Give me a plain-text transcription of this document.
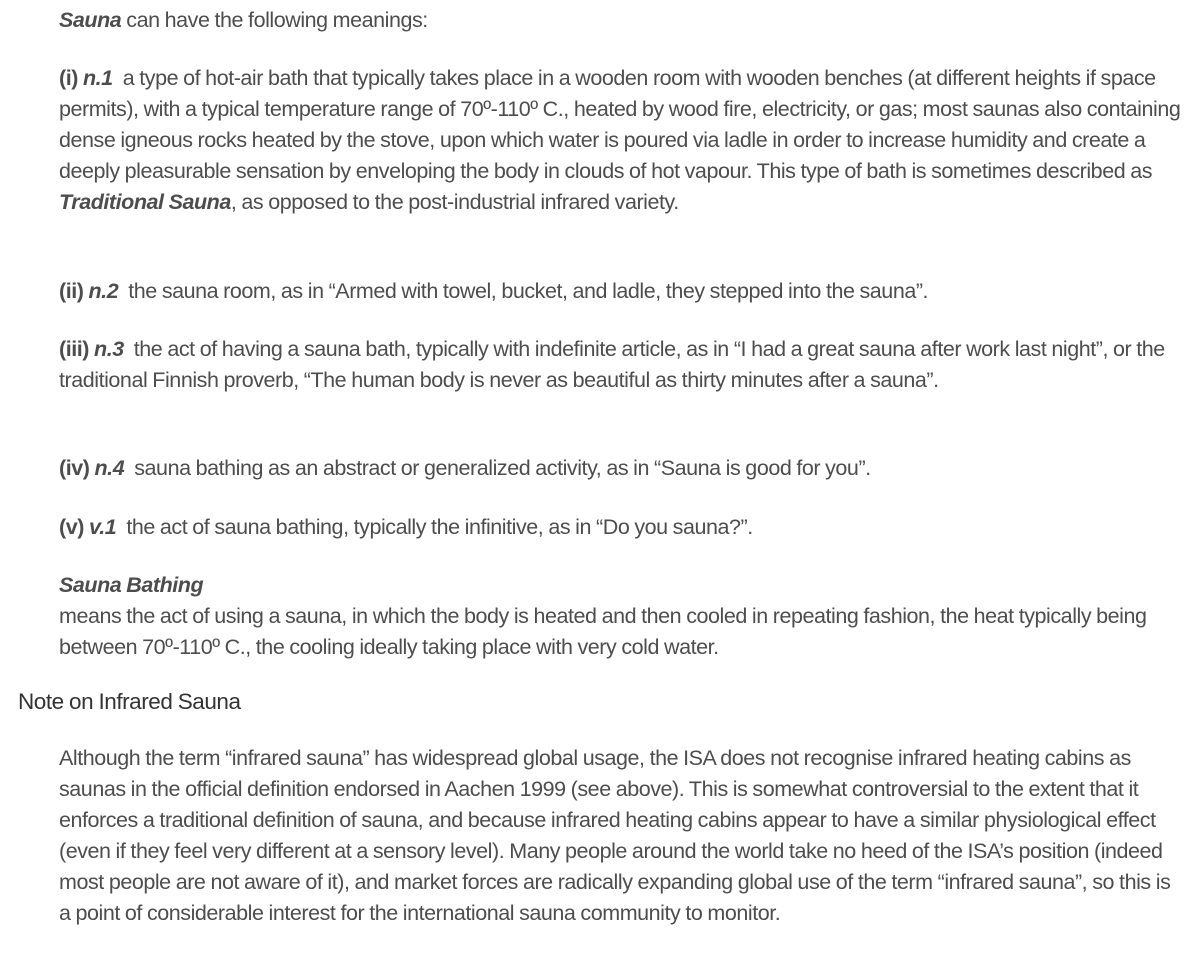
Sauna can have the following meanings:

(i) n.1 a type of hot-air bath that typically takes place in a wooden room with wooden benches (at different heights if space permits), with a typical temperature range of 70º-110º C., heated by wood fire, electricity, or gas; most saunas also containing dense igneous rocks heated by the stove, upon which water is poured via ladle in order to increase humidity and create a deeply pleasurable sensation by enveloping the body in clouds of hot vapour. This type of bath is sometimes described as Traditional Sauna, as opposed to the post-industrial infrared variety.

(ii) n.2 the sauna room, as in “Armed with towel, bucket, and ladle, they stepped into the sauna”.

(iii) n.3 the act of having a sauna bath, typically with indefinite article, as in “I had a great sauna after work last night”, or the traditional Finnish proverb, “The human body is never as beautiful as thirty minutes after a sauna”.

(iv) n.4 sauna bathing as an abstract or generalized activity, as in “Sauna is good for you”.

(v) v.1 the act of sauna bathing, typically the infinitive, as in “Do you sauna?”.

Sauna Bathing
means the act of using a sauna, in which the body is heated and then cooled in repeating fashion, the heat typically being between 70º-110º C., the cooling ideally taking place with very cold water.

Note on Infrared Sauna

Although the term “infrared sauna” has widespread global usage, the ISA does not recognise infrared heating cabins as saunas in the official definition endorsed in Aachen 1999 (see above). This is somewhat controversial to the extent that it enforces a traditional definition of sauna, and because infrared heating cabins appear to have a similar physiological effect (even if they feel very different at a sensory level). Many people around the world take no heed of the ISA’s position (indeed most people are not aware of it), and market forces are radically expanding global use of the term “infrared sauna”, so this is a point of considerable interest for the international sauna community to monitor.
